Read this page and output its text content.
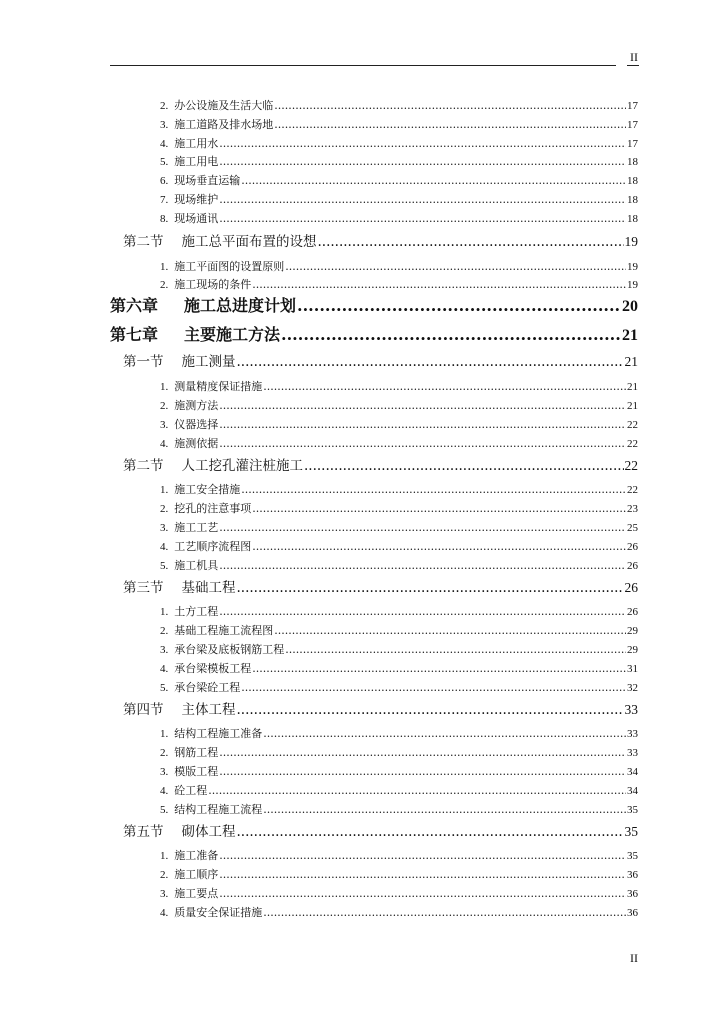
II
2. 办公设施及生活大临 .....	17
3. 施工道路及排水场地 .....	17
4. 施工用水 .....	17
5. 施工用电 .....	18
6. 现场垂直运输 .....	18
7. 现场维护 .....	18
8. 现场通讯 .....	18
第二节 施工总平面布置的设想 .....	19
1. 施工平面图的设置原则 .....	19
2. 施工现场的条件 .....	19
第六章 施工总进度计划 .....	20
第七章 主要施工方法 .....	21
第一节 施工测量 .....	21
1. 测量精度保证措施 .....	21
2. 施测方法 .....	21
3. 仪器选择 .....	22
4. 施测依据 .....	22
第二节 人工挖孔灌注桩施工 .....	22
1. 施工安全措施 .....	22
2. 挖孔的注意事项 .....	23
3. 施工工艺 .....	25
4. 工艺顺序流程图 .....	26
5. 施工机具 .....	26
第三节 基础工程 .....	26
1. 土方工程 .....	26
2. 基础工程施工流程图 .....	29
3. 承台梁及底板钢筋工程 .....	29
4. 承台梁模板工程 .....	31
5. 承台梁砼工程 .....	32
第四节 主体工程 .....	33
1. 结构工程施工准备 .....	33
2. 钢筋工程 .....	33
3. 模版工程 .....	34
4. 砼工程 .....	34
5. 结构工程施工流程 .....	35
第五节 砌体工程 .....	35
1. 施工准备 .....	35
2. 施工顺序 .....	36
3. 施工要点 .....	36
4. 质量安全保证措施 .....	36
II
